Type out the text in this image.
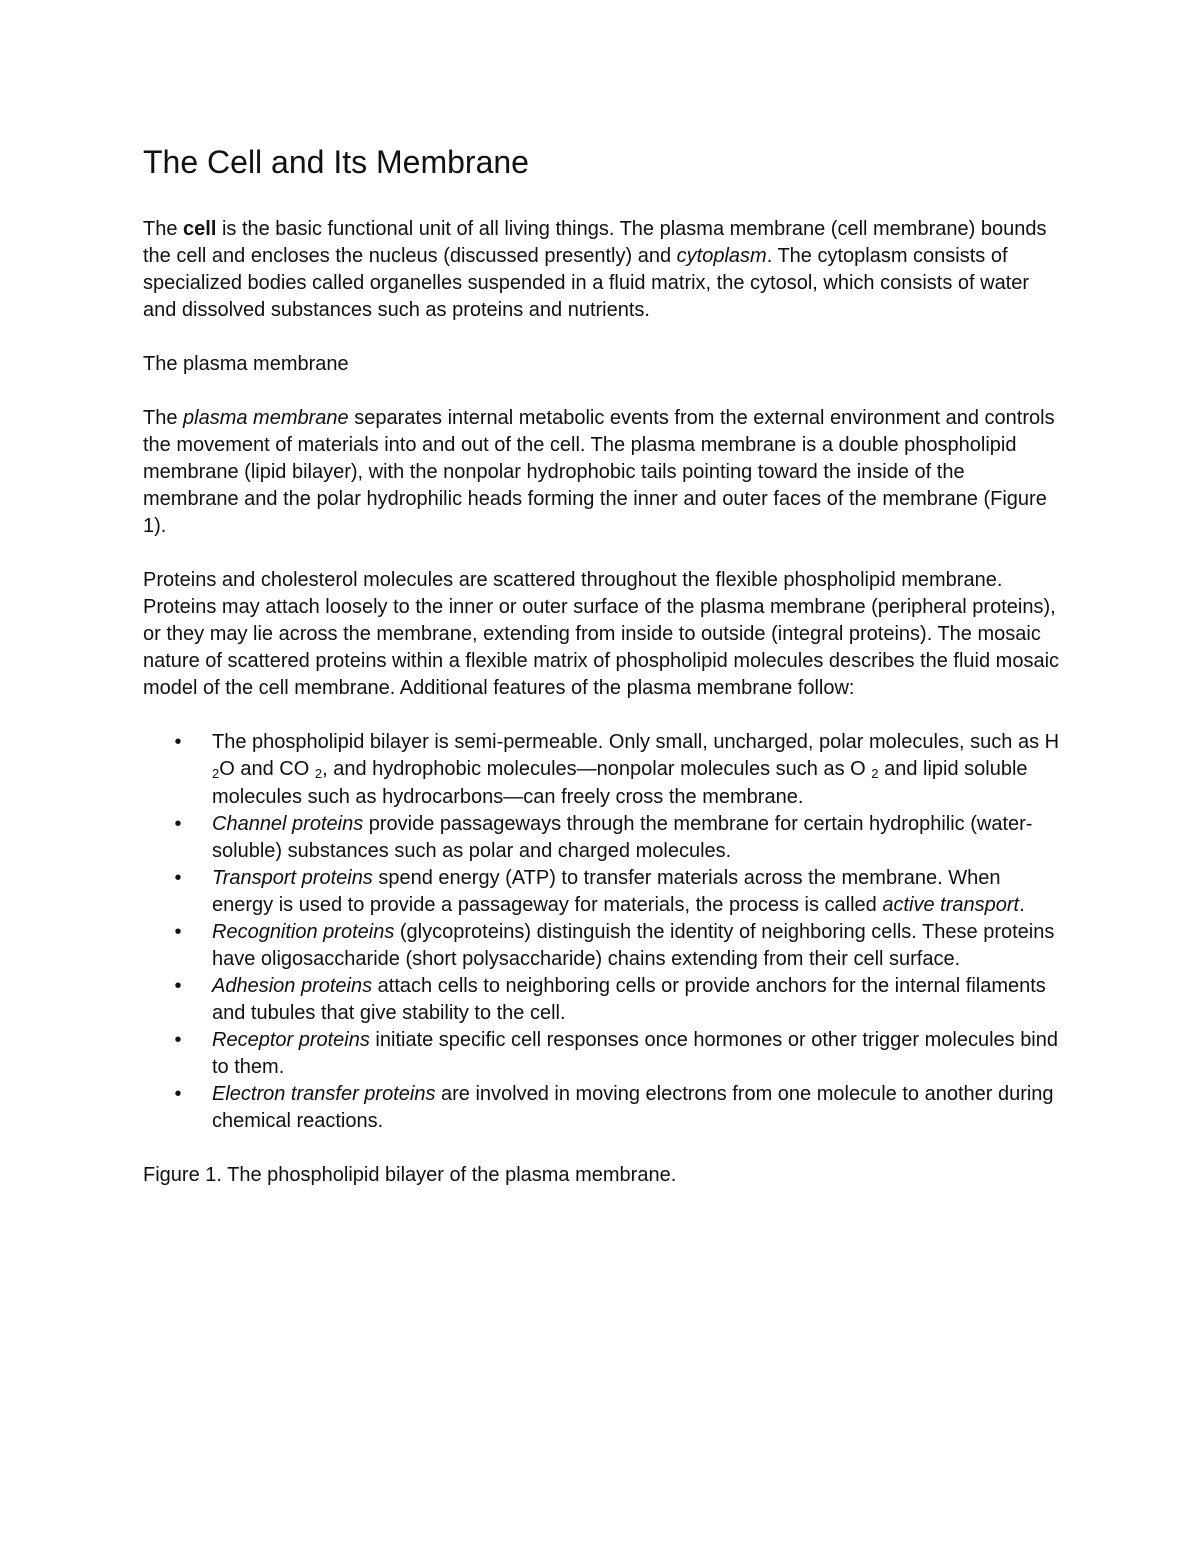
The Cell and Its Membrane

The cell is the basic functional unit of all living things. The plasma membrane (cell membrane) bounds the cell and encloses the nucleus (discussed presently) and cytoplasm. The cytoplasm consists of specialized bodies called organelles suspended in a fluid matrix, the cytosol, which consists of water and dissolved substances such as proteins and nutrients.

The plasma membrane

The plasma membrane separates internal metabolic events from the external environment and controls the movement of materials into and out of the cell. The plasma membrane is a double phospholipid membrane (lipid bilayer), with the nonpolar hydrophobic tails pointing toward the inside of the membrane and the polar hydrophilic heads forming the inner and outer faces of the membrane (Figure 1).

Proteins and cholesterol molecules are scattered throughout the flexible phospholipid membrane. Proteins may attach loosely to the inner or outer surface of the plasma membrane (peripheral proteins), or they may lie across the membrane, extending from inside to outside (integral proteins). The mosaic nature of scattered proteins within a flexible matrix of phospholipid molecules describes the fluid mosaic model of the cell membrane. Additional features of the plasma membrane follow:

• The phospholipid bilayer is semi-permeable. Only small, uncharged, polar molecules, such as H $_2$O and CO $_2$, and hydrophobic molecules—nonpolar molecules such as O $_2$ and lipid soluble molecules such as hydrocarbons—can freely cross the membrane.
• Channel proteins provide passageways through the membrane for certain hydrophilic (water-soluble) substances such as polar and charged molecules.
• Transport proteins spend energy (ATP) to transfer materials across the membrane. When energy is used to provide a passageway for materials, the process is called active transport.
• Recognition proteins (glycoproteins) distinguish the identity of neighboring cells. These proteins have oligosaccharide (short polysaccharide) chains extending from their cell surface.
• Adhesion proteins attach cells to neighboring cells or provide anchors for the internal filaments and tubules that give stability to the cell.
• Receptor proteins initiate specific cell responses once hormones or other trigger molecules bind to them.
• Electron transfer proteins are involved in moving electrons from one molecule to another during chemical reactions.

Figure 1. The phospholipid bilayer of the plasma membrane.
